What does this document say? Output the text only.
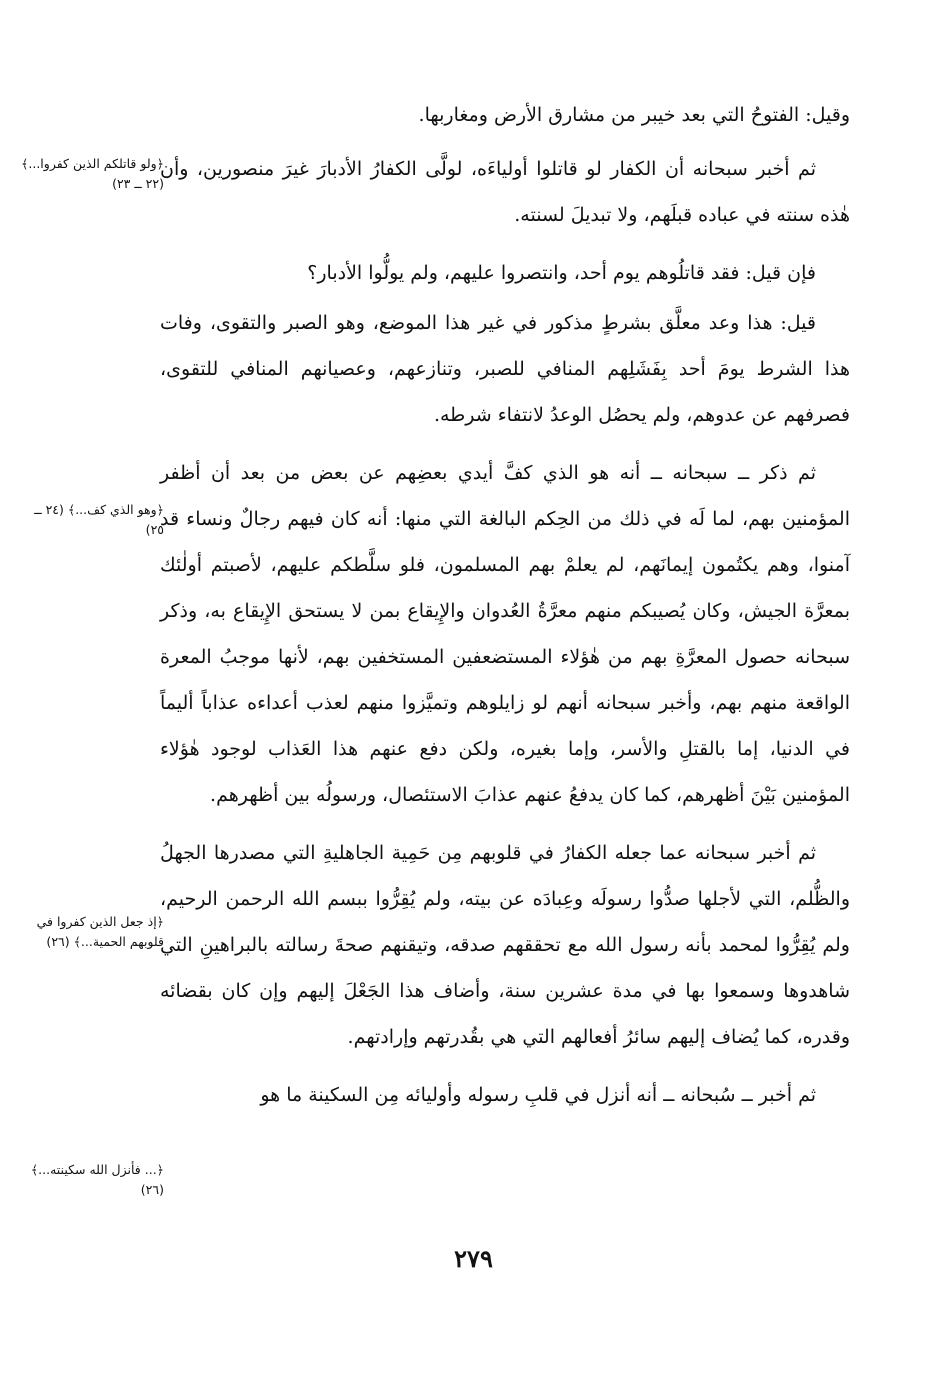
وقيل: الفتوحُ التي بعد خيبر من مشارق الأرض ومغاربها.

ثم أخبر سبحانه أن الكفار لو قاتلوا أولياءَه، لولَّى الكفارُ الأدبارَ غيرَ منصورين، وأن هٰذه سنته في عباده قبلَهم، ولا تبديلَ لسنته.

فإن قيل: فقد قاتلُوهم يوم أحد، وانتصروا عليهم، ولم يولُّوا الأدبار؟

قيل: هذا وعد معلَّق بشرطٍ مذكور في غير هذا الموضع، وهو الصبر والتقوى، وفات هذا الشرط يومَ أحد بِفَشَلِهم المنافي للصبر، وتنازعهم، وعصيانهم المنافي للتقوى، فصرفهم عن عدوهم، ولم يحصُل الوعدُ لانتفاء شرطه.

ثم ذكر ــ سبحانه ــ أنه هو الذي كفَّ أيدي بعضِهم عن بعض من بعد أن أظفر المؤمنين بهم، لما لَه في ذلك من الحِكم البالغة التي منها: أنه كان فيهم رجالٌ ونساء قد آمنوا، وهم يكتُمون إيمانَهم، لم يعلمْ بهم المسلمون، فلو سلَّطكم عليهم، لأصبتم أولٰئك بمعرَّة الجيش، وكان يُصيبكم منهم معرَّةُ العُدوان والإِيقاع بمن لا يستحق الإِيقاع به، وذكر سبحانه حصول المعرَّةِ بهم من هٰؤلاء المستضعفين المستخفين بهم، لأنها موجبُ المعرة الواقعة منهم بهم، وأخبر سبحانه أنهم لو زايلوهم وتميَّزوا منهم لعذب أعداءه عذاباً أليماً في الدنيا، إما بالقتلِ والأسر، وإما بغيره، ولكن دفع عنهم هذا العَذاب لوجود هٰؤلاء المؤمنين بَيْنَ أظهرهم، كما كان يدفعُ عنهم عذابَ الاستئصال، ورسولُه بين أظهرهم.

ثم أخبر سبحانه عما جعله الكفارُ في قلوبهم مِن حَمِية الجاهليةِ التي مصدرها الجهلُ والظُّلم، التي لأجلها صدُّوا رسولَه وعِبادَه عن بيته، ولم يُقِرُّوا ببسم الله الرحمن الرحيم، ولم يُقِرُّوا لمحمد بأنه رسول الله مع تحققهم صدقه، وتيقنهم صحةَ رسالته بالبراهينِ التي شاهدوها وسمعوا بها في مدة عشرين سنة، وأضاف هذا الجَعْلَ إليهم وإن كان بقضائه وقدره، كما يُضاف إليهم سائرُ أفعالهم التي هي بقُدرتهم وإرادتهم.

ثم أخبر ــ سُبحانه ــ أنه أنزل في قلبِ رسوله وأوليائه مِن السكينة ما هو

﴿ولو قاتلكم الذين كفروا...﴾ (٢٢ ــ ٢٣)
﴿وهو الذي كف...﴾ (٢٤ ــ ٢٥)
﴿إذ جعل الذين كفروا في قلوبهم الحمية...﴾ (٢٦)
﴿... فأنزل الله سكينته...﴾ (٢٦)
٢٧٩
